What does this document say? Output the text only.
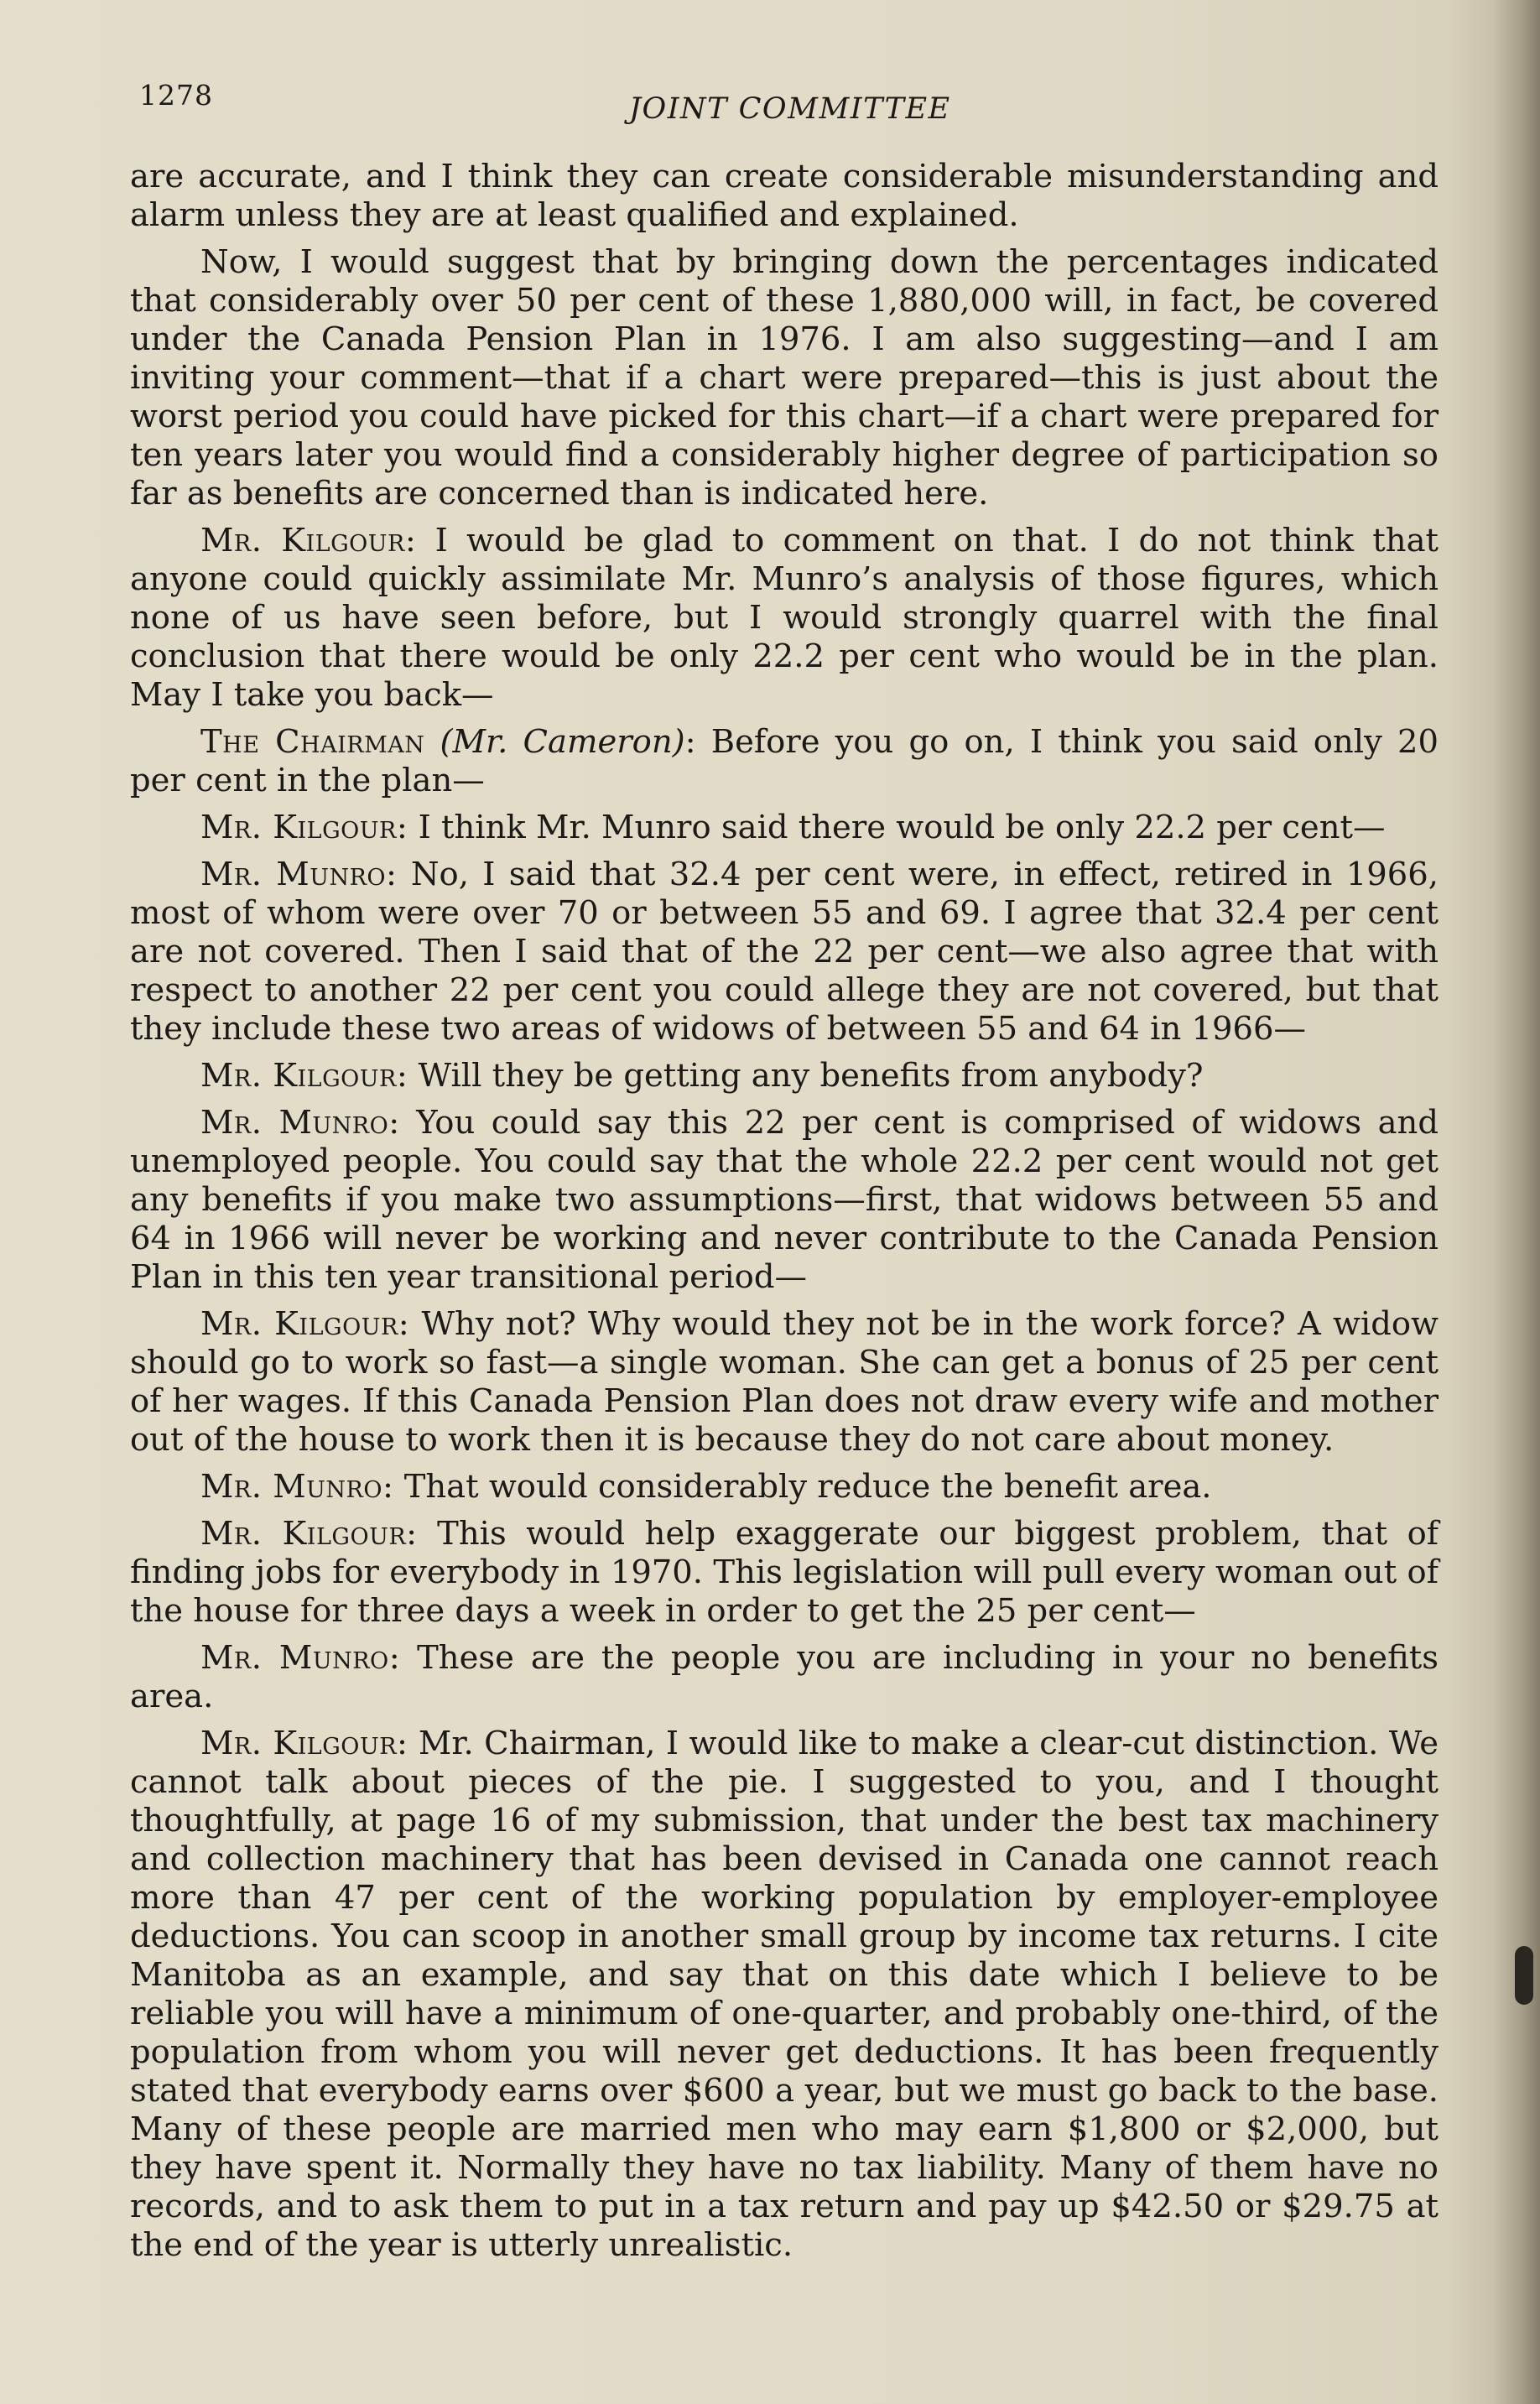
1278	JOINT COMMITTEE

are accurate, and I think they can create considerable misunderstanding and alarm unless they are at least qualified and explained.

Now, I would suggest that by bringing down the percentages indicated that considerably over 50 per cent of these 1,880,000 will, in fact, be covered under the Canada Pension Plan in 1976. I am also suggesting—and I am inviting your comment—that if a chart were prepared—this is just about the worst period you could have picked for this chart—if a chart were prepared for ten years later you would find a considerably higher degree of participation so far as benefits are concerned than is indicated here.

Mr. Kilgour: I would be glad to comment on that. I do not think that anyone could quickly assimilate Mr. Munro’s analysis of those figures, which none of us have seen before, but I would strongly quarrel with the final conclusion that there would be only 22.2 per cent who would be in the plan. May I take you back—

The Chairman (Mr. Cameron): Before you go on, I think you said only 20 per cent in the plan—

Mr. Kilgour: I think Mr. Munro said there would be only 22.2 per cent—

Mr. Munro: No, I said that 32.4 per cent were, in effect, retired in 1966, most of whom were over 70 or between 55 and 69. I agree that 32.4 per cent are not covered. Then I said that of the 22 per cent—we also agree that with respect to another 22 per cent you could allege they are not covered, but that they include these two areas of widows of between 55 and 64 in 1966—

Mr. Kilgour: Will they be getting any benefits from anybody?

Mr. Munro: You could say this 22 per cent is comprised of widows and unemployed people. You could say that the whole 22.2 per cent would not get any benefits if you make two assumptions—first, that widows between 55 and 64 in 1966 will never be working and never contribute to the Canada Pension Plan in this ten year transitional period—

Mr. Kilgour: Why not? Why would they not be in the work force? A widow should go to work so fast—a single woman. She can get a bonus of 25 per cent of her wages. If this Canada Pension Plan does not draw every wife and mother out of the house to work then it is because they do not care about money.

Mr. Munro: That would considerably reduce the benefit area.

Mr. Kilgour: This would help exaggerate our biggest problem, that of finding jobs for everybody in 1970. This legislation will pull every woman out of the house for three days a week in order to get the 25 per cent—

Mr. Munro: These are the people you are including in your no benefits area.

Mr. Kilgour: Mr. Chairman, I would like to make a clear-cut distinction. We cannot talk about pieces of the pie. I suggested to you, and I thought thoughtfully, at page 16 of my submission, that under the best tax machinery and collection machinery that has been devised in Canada one cannot reach more than 47 per cent of the working population by employer-employee deductions. You can scoop in another small group by income tax returns. I cite Manitoba as an example, and say that on this date which I believe to be reliable you will have a minimum of one-quarter, and probably one-third, of the population from whom you will never get deductions. It has been frequently stated that everybody earns over $600 a year, but we must go back to the base. Many of these people are married men who may earn $1,800 or $2,000, but they have spent it. Normally they have no tax liability. Many of them have no records, and to ask them to put in a tax return and pay up $42.50 or $29.75 at the end of the year is utterly unrealistic.
